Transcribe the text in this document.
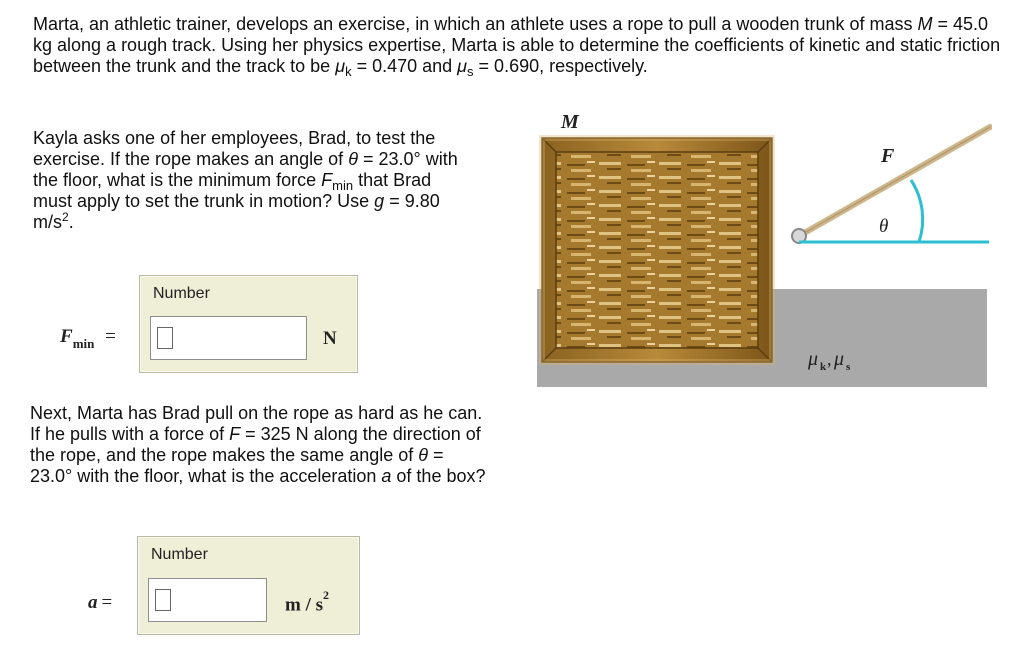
Marta, an athletic trainer, develops an exercise, in which an athlete uses a rope to pull a wooden trunk of mass M = 45.0 kg along a rough track. Using her physics expertise, Marta is able to determine the coefficients of kinetic and static friction between the trunk and the track to be $\mu_k = 0.470$ and $\mu_s = 0.690$, respectively.

Kayla asks one of her employees, Brad, to test the exercise. If the rope makes an angle of θ = 23.0° with the floor, what is the minimum force $F_{min}$ that Brad must apply to set the trunk in motion? Use g = 9.80 $m/s^2$.

$F_{min}$ =
Number
N

Next, Marta has Brad pull on the rope as hard as he can. If he pulls with a force of F = 325 N along the direction of the rope, and the rope makes the same angle of θ = 23.0° with the floor, what is the acceleration a of the box?

a =
Number
m / $s^2$
M
F
θ
μ k , μ s
